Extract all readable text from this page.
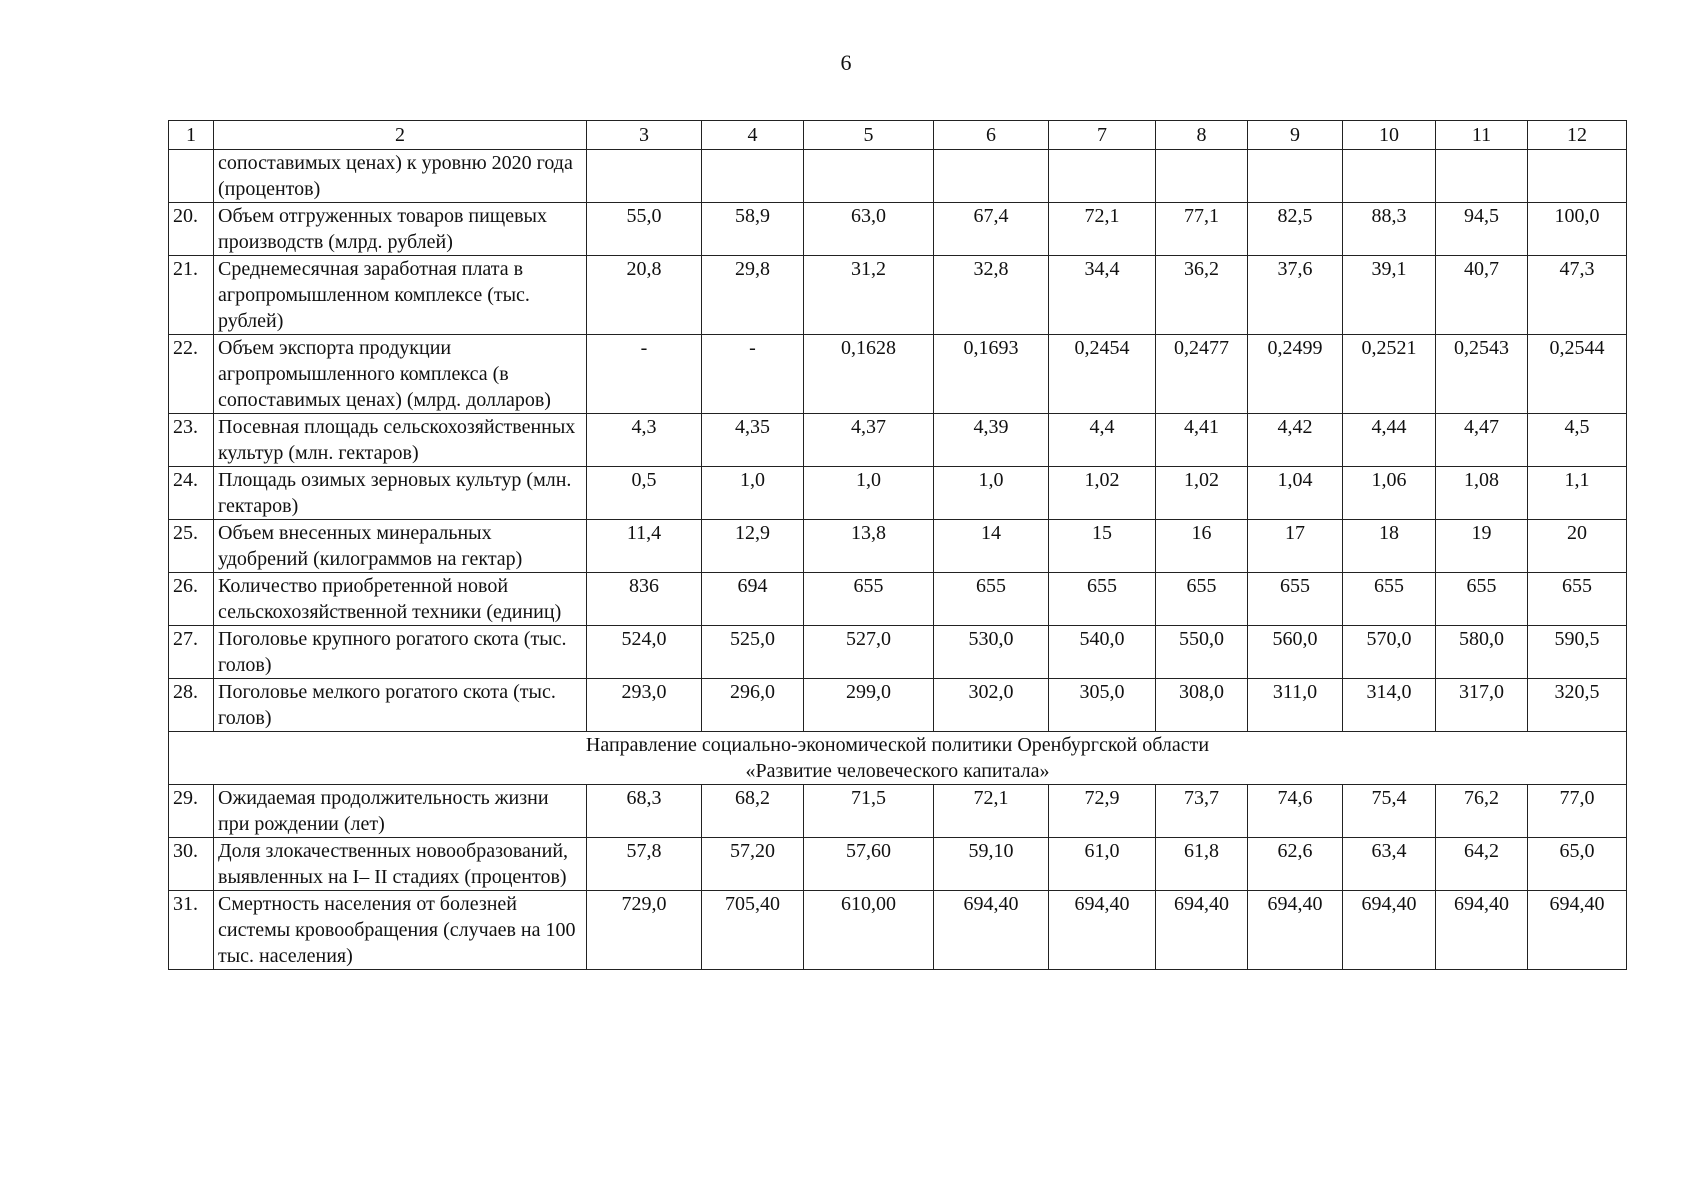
6
1	2	3	4	5	6	7	8	9	10	11	12
	сопоставимых ценах) к уровню 2020 года (процентов)										
20.	Объем отгруженных товаров пищевых производств (млрд. рублей)	55,0	58,9	63,0	67,4	72,1	77,1	82,5	88,3	94,5	100,0
21.	Среднемесячная заработная плата в агропромышленном комплексе (тыс. рублей)	20,8	29,8	31,2	32,8	34,4	36,2	37,6	39,1	40,7	47,3
22.	Объем экспорта продукции агропромышленного комплекса (в сопоставимых ценах) (млрд. долларов)	-	-	0,1628	0,1693	0,2454	0,2477	0,2499	0,2521	0,2543	0,2544
23.	Посевная площадь сельскохозяйственных культур (млн. гектаров)	4,3	4,35	4,37	4,39	4,4	4,41	4,42	4,44	4,47	4,5
24.	Площадь озимых зерновых культур (млн. гектаров)	0,5	1,0	1,0	1,0	1,02	1,02	1,04	1,06	1,08	1,1
25.	Объем внесенных минеральных удобрений (килограммов на гектар)	11,4	12,9	13,8	14	15	16	17	18	19	20
26.	Количество приобретенной новой сельскохозяйственной техники (единиц)	836	694	655	655	655	655	655	655	655	655
27.	Поголовье крупного рогатого скота (тыс. голов)	524,0	525,0	527,0	530,0	540,0	550,0	560,0	570,0	580,0	590,5
28.	Поголовье мелкого рогатого скота (тыс. голов)	293,0	296,0	299,0	302,0	305,0	308,0	311,0	314,0	317,0	320,5

Направление социально-экономической политики Оренбургской области
«Развитие человеческого капитала»											

29.	Ожидаемая продолжительность жизни при рождении (лет)	68,3	68,2	71,5	72,1	72,9	73,7	74,6	75,4	76,2	77,0
30.	Доля злокачественных новообразований, выявленных на I– II стадиях (процентов)	57,8	57,20	57,60	59,10	61,0	61,8	62,6	63,4	64,2	65,0
31.	Смертность населения от болезней системы кровообращения (случаев на 100 тыс. населения)	729,0	705,40	610,00	694,40	694,40	694,40	694,40	694,40	694,40	694,40
